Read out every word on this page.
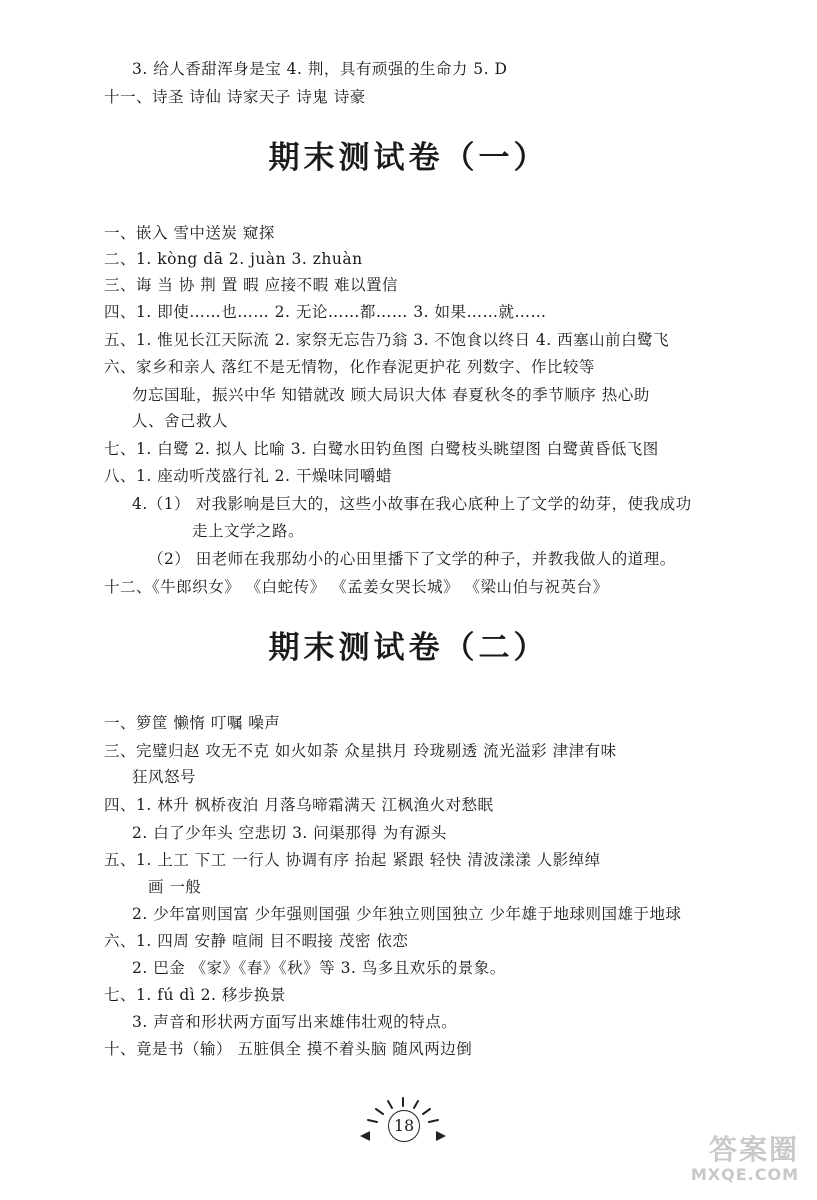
3. 给人香甜浑身是宝 4. 荆，具有顽强的生命力 5. D
十一、诗圣 诗仙 诗家天子 诗鬼 诗豪
期末测试卷（一）
一、嵌入 雪中送炭 窥探
二、1. kòng dā 2. juàn 3. zhuàn
三、诲 当 协 荆 置 暇 应接不暇 难以置信
四、1. 即使……也…… 2. 无论……都…… 3. 如果……就……
五、1. 惟见长江天际流 2. 家祭无忘告乃翁 3. 不饱食以终日 4. 西塞山前白鹭飞
六、家乡和亲人 落红不是无情物，化作春泥更护花 列数字、作比较等
勿忘国耻，振兴中华 知错就改 顾大局识大体 春夏秋冬的季节顺序 热心助
人、舍己救人
七、1. 白鹭 2. 拟人 比喻 3. 白鹭水田钓鱼图 白鹭枝头眺望图 白鹭黄昏低飞图
八、1. 座动听茂盛行礼 2. 干燥味同嚼蜡
4.（1） 对我影响是巨大的，这些小故事在我心底种上了文学的幼芽，使我成功
走上文学之路。
（2） 田老师在我那幼小的心田里播下了文学的种子，并教我做人的道理。
十二、《牛郎织女》 《白蛇传》 《孟姜女哭长城》 《梁山伯与祝英台》
期末测试卷（二）
一、箩筐 懒惰 叮嘱 噪声
三、完璧归赵 攻无不克 如火如荼 众星拱月 玲珑剔透 流光溢彩 津津有味
狂风怒号
四、1. 林升 枫桥夜泊 月落乌啼霜满天 江枫渔火对愁眠
2. 白了少年头 空悲切 3. 问渠那得 为有源头
五、1. 上工 下工 一行人 协调有序 抬起 紧跟 轻快 清波漾漾 人影绰绰
画 一般
2. 少年富则国富 少年强则国强 少年独立则国独立 少年雄于地球则国雄于地球
六、1. 四周 安静 喧闹 目不暇接 茂密 依恋
2. 巴金 《家》《春》《秋》等 3. 鸟多且欢乐的景象。
七、1. fú dì 2. 移步换景
3. 声音和形状两方面写出来雄伟壮观的特点。
十、竟是书（输） 五脏俱全 摸不着头脑 随风两边倒
18
答案圈
MXQE.COM
